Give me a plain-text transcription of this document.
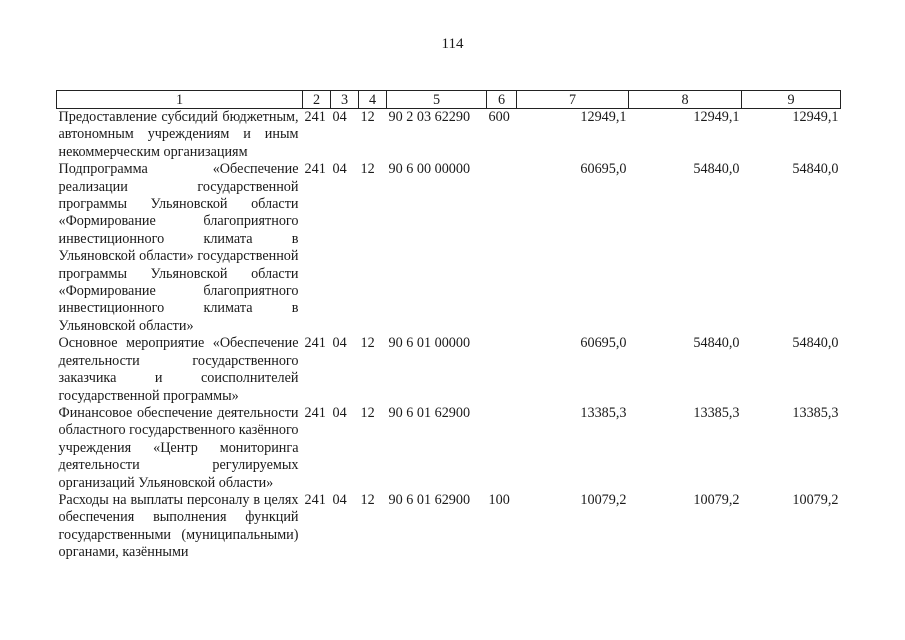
114
1	2	3	4	5	6	7	8	9
Предоставление субсидий бюджетным, автономным учреждениям и иным некоммерческим организациям	241	04	12	90 2 03 62290	600	12949,1	12949,1	12949,1
Подпрограмма «Обеспечение реализации государственной программы Ульяновской области «Формирование благоприятного инвестиционного климата в Ульяновской области» государственной программы Ульяновской области «Формирование благоприятного инвестиционного климата в Ульяновской области»	241	04	12	90 6 00 00000		60695,0	54840,0	54840,0
Основное мероприятие «Обеспечение деятельности государственного заказчика и соисполнителей государственной программы»	241	04	12	90 6 01 00000		60695,0	54840,0	54840,0
Финансовое обеспечение деятельности областного государственного казённого учреждения «Центр мониторинга деятельности регулируемых организаций Ульяновской области»	241	04	12	90 6 01 62900		13385,3	13385,3	13385,3
Расходы на выплаты персоналу в целях обеспечения выполнения функций государственными (муниципальными) органами, казёнными	241	04	12	90 6 01 62900	100	10079,2	10079,2	10079,2
